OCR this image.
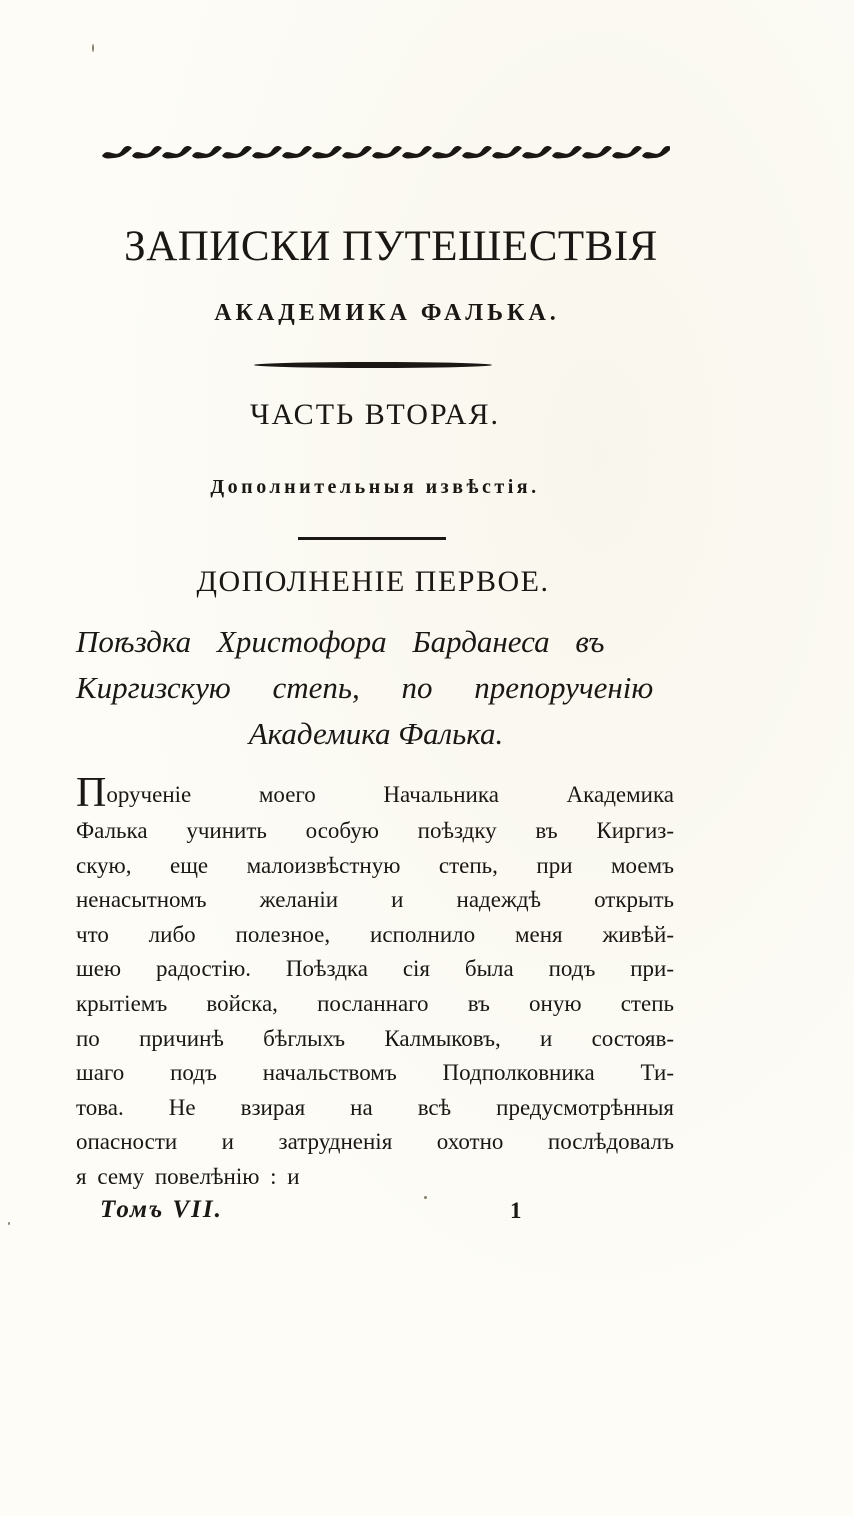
ЗАПИСКИ ПУТЕШЕСТВІЯ
АКАДЕМИКА ФАЛЬКА.
ЧАСТЬ ВТОРАЯ.
Дополнительныя извѣстія.
ДОПОЛНЕНІЕ ПЕРВОЕ.
Поѣздка Христофора Барданеса въ
Киргизскую степь, по препорученію
Академика Фалька.
Порученіе моего Начальника Академика
Фалька учинить особую поѣздку въ Киргиз-
скую, еще малоизвѣстную степь, при моемъ
ненасытномъ желаніи и надеждѣ открыть
что либо полезное, исполнило меня живѣй-
шею радостію. Поѣздка сія была подъ при-
крытіемъ войска, посланнаго въ оную степь
по причинѣ бѣглыхъ Калмыковъ, и состояв-
шаго подъ начальствомъ Подполковника Ти-
това. Не взирая на всѣ предусмотрѣнныя
опасности и затрудненія охотно послѣдовалъ
я сему повелѣнію : и
Томъ VII.	1
